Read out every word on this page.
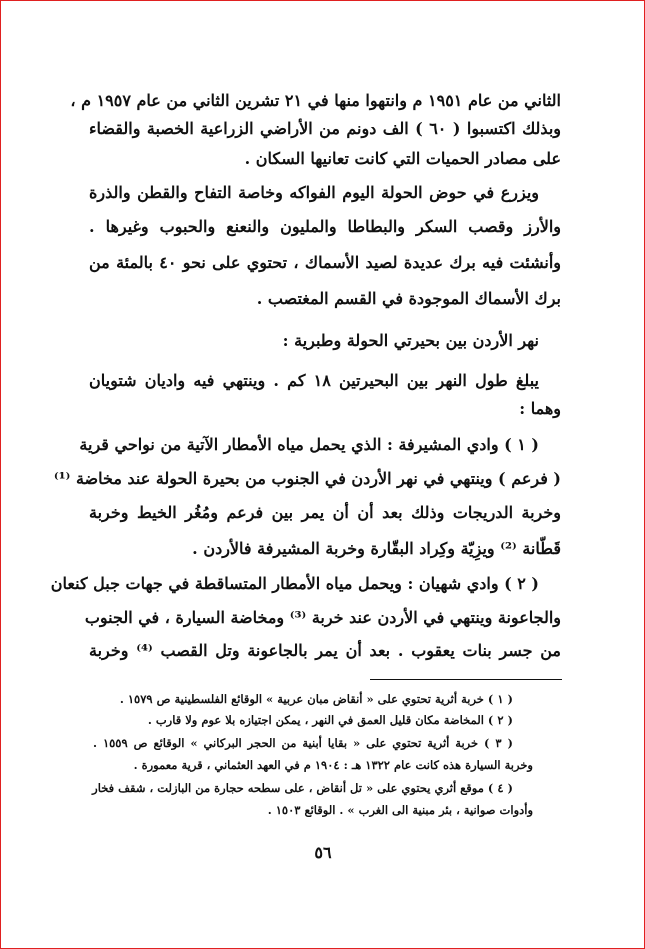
الثاني من عام ١٩٥١ م وانتهوا منها في ٢١ تشرين الثاني من عام ١٩٥٧ م ،
وبذلك اكتسبوا ( ٦٠ ) الف دونم من الأراضي الزراعية الخصبة والقضاء
على مصادر الحميات التي كانت تعانيها السكان .
ويزرع في حوض الحولة اليوم الفواكه وخاصة التفاح والقطن والذرة
والأرز وقصب السكر والبطاطا والمليون والنعنع والحبوب وغيرها .
وأنشئت فيه برك عديدة لصيد الأسماك ، تحتوي على نحو ٤٠ بالمئة من
برك الأسماك الموجودة في القسم المغتصب .
نهر الأردن بين بحيرتي الحولة وطبرية :
يبلغ طول النهر بين البحيرتين ١٨ كم . وينتهي فيه واديان شتويان
وهما :
( ١ ) وادي المشيرفة : الذي يحمل مياه الأمطار الآتية من نواحي قرية
( فرعم ) وينتهي في نهر الأردن في الجنوب من بحيرة الحولة عند مخاضة ⁽¹⁾
وخربة الدريجات وذلك بعد أن أن يمر بين فرعم ومُغُر الخيط وخربة
قَطّانة ⁽²⁾ ويزِيّة وكِراد البقّارة وخربة المشيرفة فالأردن .
( ٢ ) وادي شهيان : ويحمل مياه الأمطار المتساقطة في جهات جبل كنعان
والجاعونة وينتهي في الأردن عند خربة ⁽³⁾ ومخاضة السيارة ، في الجنوب
من جسر بنات يعقوب . بعد أن يمر بالجاعونة وتل القصب ⁽⁴⁾ وخربة
( ١ ) خربة أثرية تحتوي على « أنقاض مبان عربية » الوقائع الفلسطينية ص ١٥٧٩ .
( ٢ ) المخاضة مكان قليل العمق في النهر ، يمكن اجتيازه بلا عوم ولا قارب .
( ٣ ) خربة أثرية تحتوي على « بقايا أبنية من الحجر البركاني » الوقائع ص ١٥٥٩ .
وخربة السيارة هذه كانت عام ١٣٢٢ هـ : ١٩٠٤ م في العهد العثماني ، قرية معمورة .
( ٤ ) موقع أثري يحتوي على « تل أنقاض ، على سطحه حجارة من البازلت ، شقف فخار
وأدوات صوانية ، بئر مبنية الى الغرب » . الوقائع ١٥٠٣ .
٥٦
